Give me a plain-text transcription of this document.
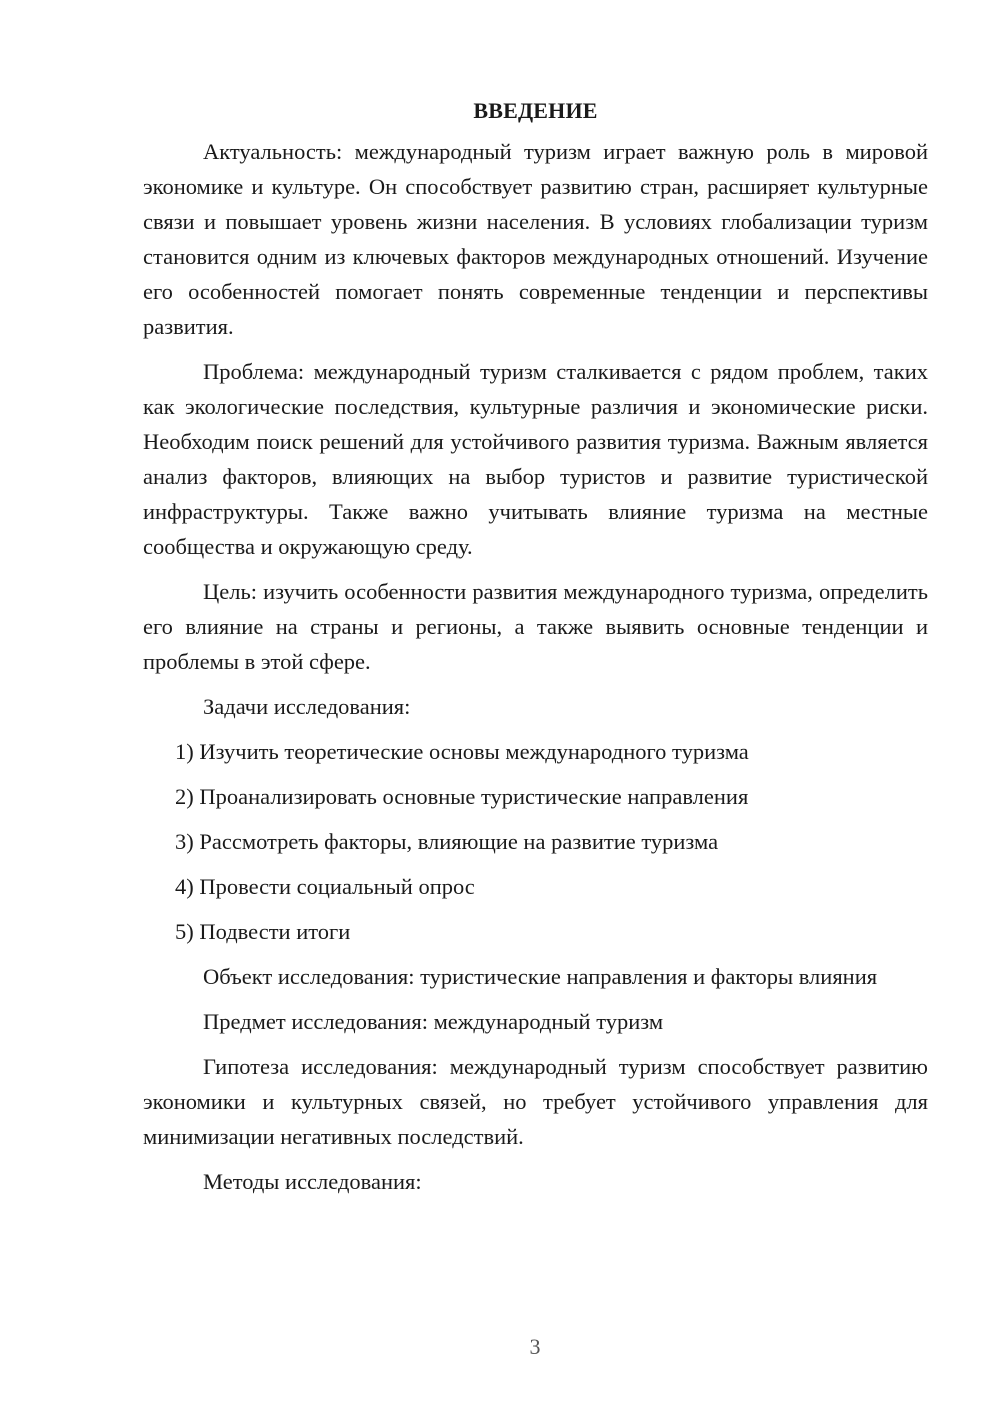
ВВЕДЕНИЕ

Актуальность: международный туризм играет важную роль в мировой экономике и культуре. Он способствует развитию стран, расширяет культурные связи и повышает уровень жизни населения. В условиях глобализации туризм становится одним из ключевых факторов международных отношений. Изучение его особенностей помогает понять современные тенденции и перспективы развития.

Проблема: международный туризм сталкивается с рядом проблем, таких как экологические последствия, культурные различия и экономические риски. Необходим поиск решений для устойчивого развития туризма. Важным является анализ факторов, влияющих на выбор туристов и развитие туристической инфраструктуры. Также важно учитывать влияние туризма на местные сообщества и окружающую среду.

Цель: изучить особенности развития международного туризма, определить его влияние на страны и регионы, а также выявить основные тенденции и проблемы в этой сфере.

Задачи исследования:

1) Изучить теоретические основы международного туризма
2) Проанализировать основные туристические направления
3) Рассмотреть факторы, влияющие на развитие туризма
4) Провести социальный опрос
5) Подвести итоги

Объект исследования: туристические направления и факторы влияния

Предмет исследования: международный туризм

Гипотеза исследования: международный туризм способствует развитию экономики и культурных связей, но требует устойчивого управления для минимизации негативных последствий.

Методы исследования:

3
